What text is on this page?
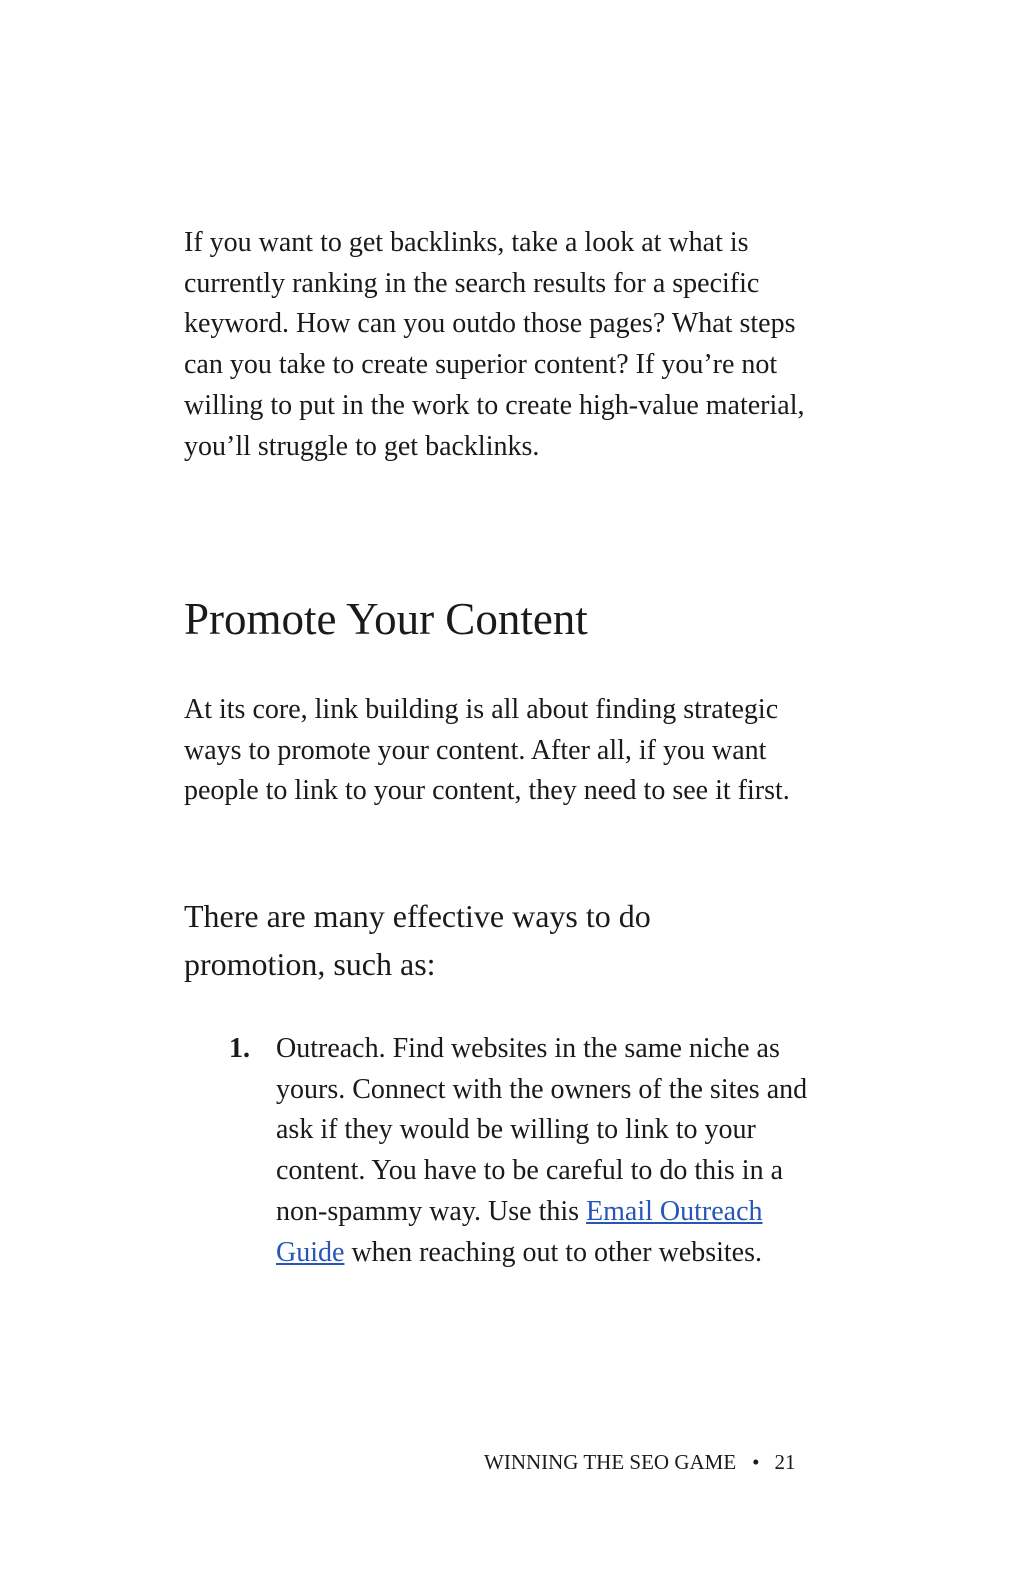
If you want to get backlinks, take a look at what is currently ranking in the search results for a specific keyword. How can you outdo those pages? What steps can you take to create superior content? If you’re not willing to put in the work to create high-value material, you’ll struggle to get backlinks.

Promote Your Content

At its core, link building is all about finding strategic ways to promote your content. After all, if you want people to link to your content, they need to see it first.

There are many effective ways to do promotion, such as:

1. Outreach. Find websites in the same niche as yours. Connect with the owners of the sites and ask if they would be willing to link to your content. You have to be careful to do this in a non-spammy way. Use this Email Outreach Guide when reaching out to other websites.
WINNING THE SEO GAME • 21
